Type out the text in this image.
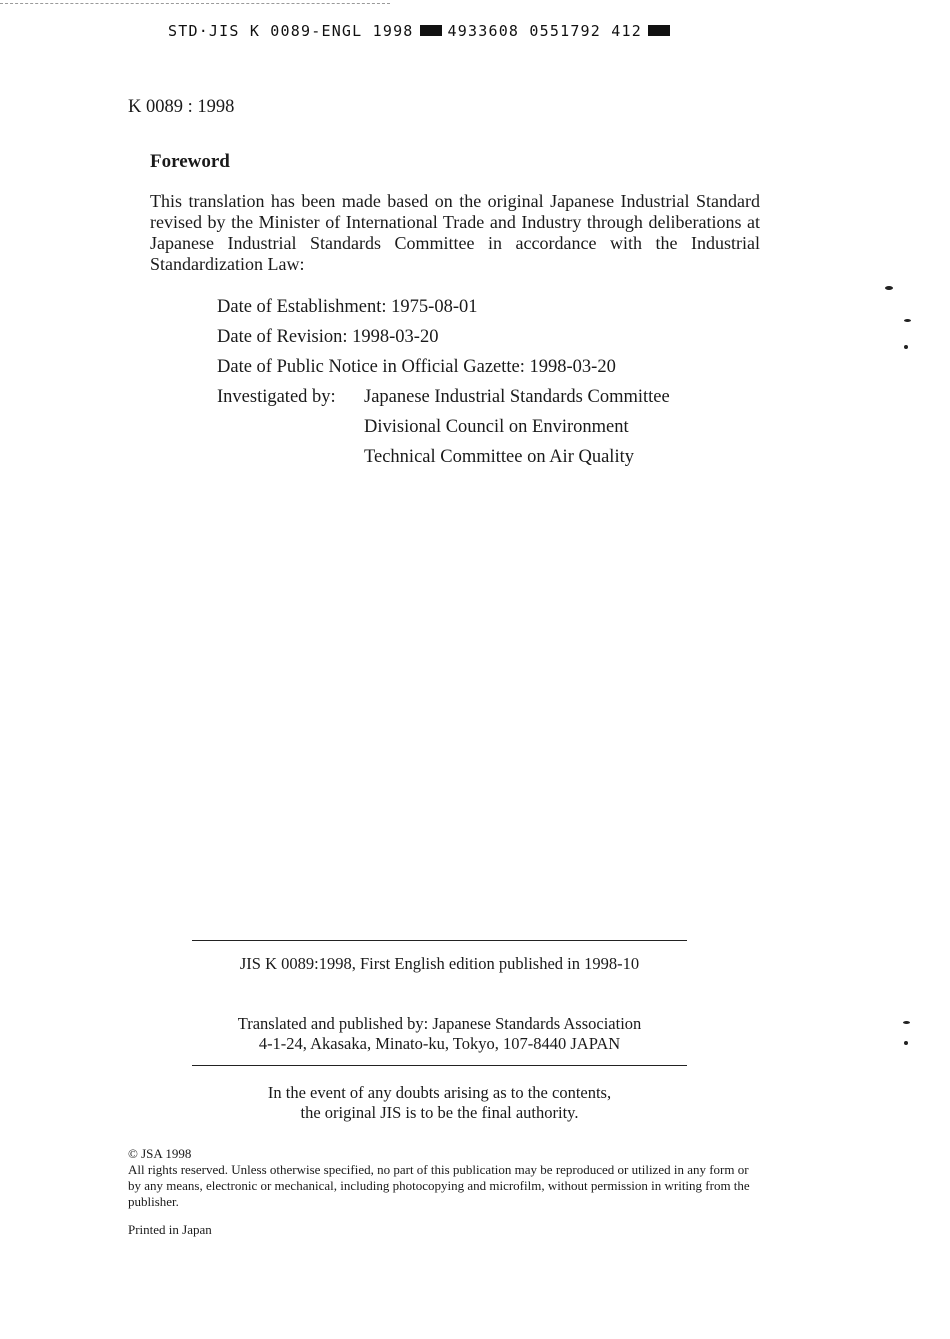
STD·JIS K 0089-ENGL 1998 4933608 0551792 412
K 0089 : 1998
Foreword
This translation has been made based on the original Japanese Industrial Standard revised by the Minister of International Trade and Industry through deliberations at Japanese Industrial Standards Committee in accordance with the Industrial Standardization Law:
Date of Establishment: 1975-08-01
Date of Revision: 1998-03-20
Date of Public Notice in Official Gazette: 1998-03-20
Investigated by: Japanese Industrial Standards Committee
Divisional Council on Environment
Technical Committee on Air Quality
JIS K 0089:1998, First English edition published in 1998-10
Translated and published by: Japanese Standards Association
4-1-24, Akasaka, Minato-ku, Tokyo, 107-8440 JAPAN
In the event of any doubts arising as to the contents,
the original JIS is to be the final authority.
© JSA 1998
All rights reserved. Unless otherwise specified, no part of this publication may be reproduced or utilized in any form or by any means, electronic or mechanical, including photocopying and microfilm, without permission in writing from the publisher.
Printed in Japan
